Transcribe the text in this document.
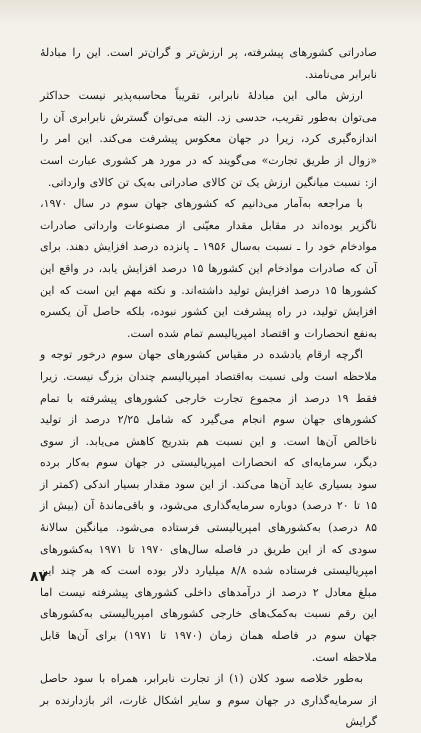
صادراتی کشورهای پیشرفته، پر ارزش‌تر و گران‌تر است. این را مبادلهٔ نابرابر می‌نامند.

ارزش مالی این مبادلهٔ نابرابر، تقریباً محاسبه‌پذیر نیست حداکثر می‌توان به‌طور تقریب، حدسی زد. البته می‌توان گسترش نابرابری آن را اندازه‌گیری کرد، زیرا در جهان معکوس پیشرفت می‌کند. این امر را «زوال از طریق تجارت» می‌گویند که در مورد هر کشوری عبارت است از: نسبت میانگین ارزش یک تن کالای صادراتی به‌یک تن کالای وارداتی.

با مراجعه به‌آمار می‌دانیم که کشورهای جهان سوم در سال ۱۹۷۰، ناگزیر بوده‌اند در مقابل مقدار معیّنی از مصنوعات وارداتی صادرات موادخام خود را ـ نسبت به‌سال ۱۹۵۶ ـ پانزده درصد افزایش دهند. برای آن که صادرات موادخام این کشورها ۱۵ درصد افزایش یابد، در واقع این کشورها ۱۵ درصد افزایش تولید داشته‌اند. و نکته مهم این است که این افزایش تولید، در راه پیشرفت این کشور نبوده، بلکه حاصل آن یکسره به‌نفع انحصارات و اقتصاد امپریالیسم تمام شده است.

اگرچه ارقام یادشده در مقیاس کشورهای جهان سوم درخور توجه و ملاحظه است ولی نسبت به‌اقتصاد امپریالیسم چندان بزرگ نیست. زیرا فقط ۱۹ درصد از مجموع تجارت خارجی کشورهای پیشرفته با تمام کشورهای جهان سوم انجام می‌گیرد که شامل ۲/۲۵ درصد از تولید ناخالص آن‌ها است. و این نسبت هم بتدریج کاهش می‌یابد. از سوی دیگر، سرمایه‌ای که انحصارات امپریالیستی در جهان سوم به‌کار برده سود بسیاری عاید آن‌ها می‌کند. از این سود مقدار بسیار اندکی (کمتر از ۱۵ تا ۲۰ درصد) دوباره سرمایه‌گذاری می‌شود، و باقی‌ماندهٔ آن (بیش از ۸۵ درصد) به‌کشورهای امپریالیستی فرستاده می‌شود. میانگین سالانهٔ سودی که از این طریق در فاصله سال‌های ۱۹۷۰ تا ۱۹۷۱ به‌کشورهای امپریالیستی فرستاده شده ۸/۸ میلیارد دلار بوده است که هر چند این مبلغ معادل ۲ درصد از درآمدهای داخلی کشورهای پیشرفته نیست اما این رقم نسبت به‌کمک‌های خارجی کشورهای امپریالیستی به‌کشورهای جهان سوم در فاصله همان زمان (۱۹۷۰ تا ۱۹۷۱) برای آن‌ها قابل ملاحظه است.

به‌طور خلاصه سود کلان (۱) از تجارت نابرابر، همراه با سود حاصل از سرمایه‌گذاری در جهان سوم و سایر اشکال غارت، اثر بازدارنده بر گرایش

۸۷
